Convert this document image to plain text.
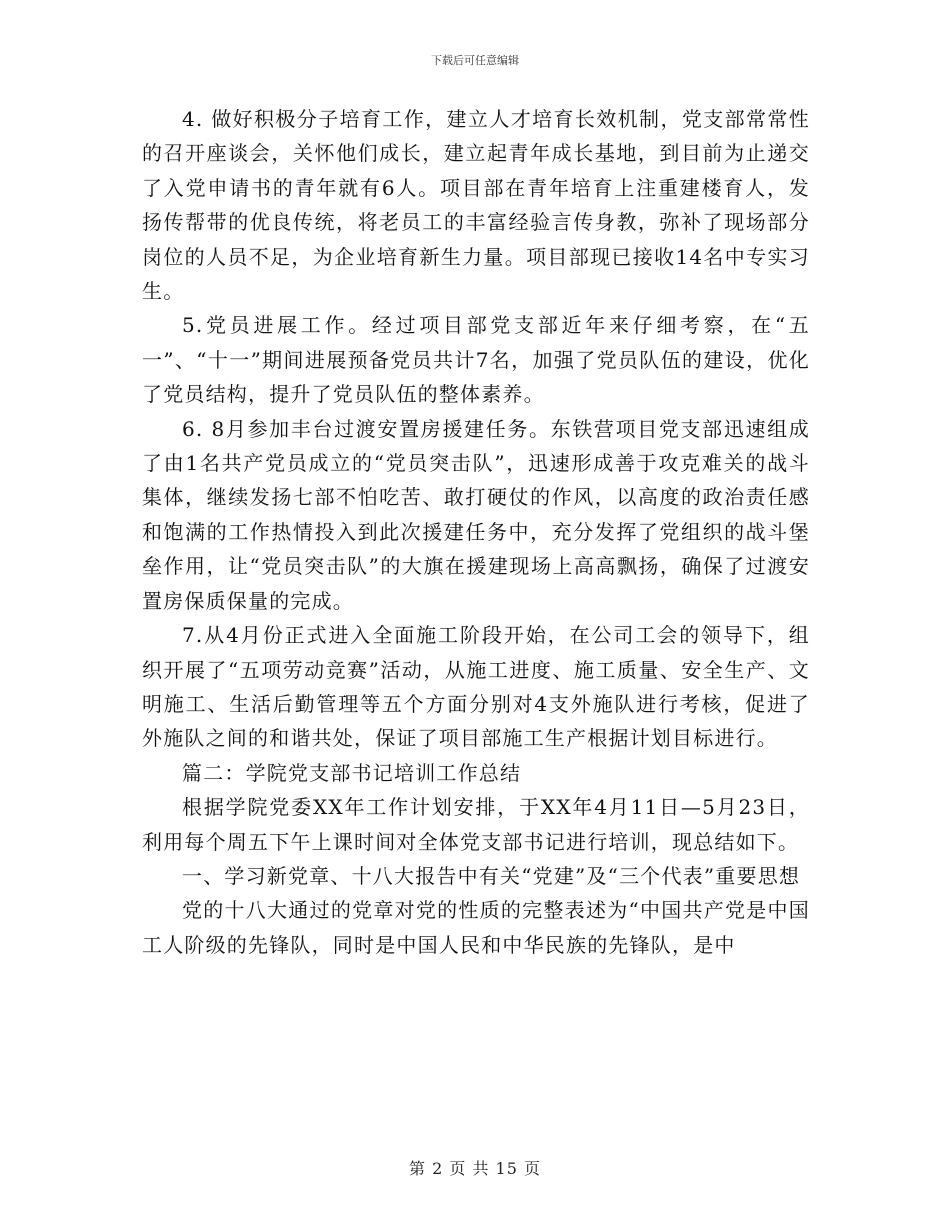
下载后可任意编辑

4. 做好积极分子培育工作，建立人才培育长效机制，党支部常常性的召开座谈会，关怀他们成长，建立起青年成长基地，到目前为止递交了入党申请书的青年就有6人。项目部在青年培育上注重建楼育人，发扬传帮带的优良传统，将老员工的丰富经验言传身教，弥补了现场部分岗位的人员不足，为企业培育新生力量。项目部现已接收14名中专实习生。

5.党员进展工作。经过项目部党支部近年来仔细考察，在“五一”、“十一”期间进展预备党员共计7名，加强了党员队伍的建设，优化了党员结构，提升了党员队伍的整体素养。

6. 8月参加丰台过渡安置房援建任务。东铁营项目党支部迅速组成了由1名共产党员成立的“党员突击队”，迅速形成善于攻克难关的战斗集体，继续发扬七部不怕吃苦、敢打硬仗的作风，以高度的政治责任感和饱满的工作热情投入到此次援建任务中，充分发挥了党组织的战斗堡垒作用，让“党员突击队”的大旗在援建现场上高高飘扬，确保了过渡安置房保质保量的完成。

7.从4月份正式进入全面施工阶段开始，在公司工会的领导下，组织开展了“五项劳动竞赛”活动，从施工进度、施工质量、安全生产、文明施工、生活后勤管理等五个方面分别对4支外施队进行考核，促进了外施队之间的和谐共处，保证了项目部施工生产根据计划目标进行。

篇二：学院党支部书记培训工作总结

根据学院党委XX年工作计划安排，于XX年4月11日—5月23日，利用每个周五下午上课时间对全体党支部书记进行培训，现总结如下。

一、学习新党章、十八大报告中有关“党建”及“三个代表”重要思想

党的十八大通过的党章对党的性质的完整表述为“中国共产党是中国工人阶级的先锋队，同时是中国人民和中华民族的先锋队，是中

第 2 页 共 15 页
